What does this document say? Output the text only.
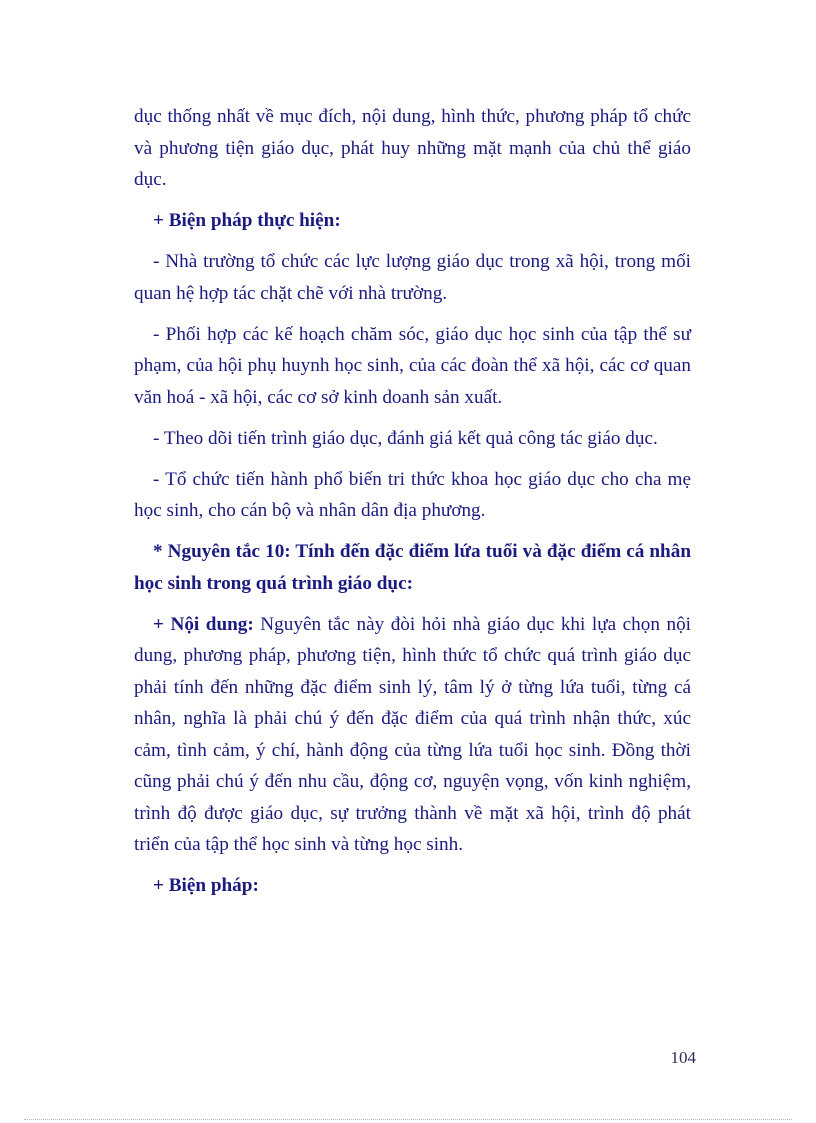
dục thống nhất về mục đích, nội dung, hình thức, phương pháp tổ chức và phương tiện giáo dục, phát huy những mặt mạnh của chủ thể giáo dục.

+ Biện pháp thực hiện:

- Nhà trường tổ chức các lực lượng giáo dục trong xã hội, trong mối quan hệ hợp tác chặt chẽ với nhà trường.

- Phối hợp các kế hoạch chăm sóc, giáo dục học sinh của tập thể sư phạm, của hội phụ huynh học sinh, của các đoàn thể xã hội, các cơ quan văn hoá - xã hội, các cơ sở kinh doanh sản xuất.

- Theo dõi tiến trình giáo dục, đánh giá kết quả công tác giáo dục.

- Tổ chức tiến hành phổ biến tri thức khoa học giáo dục cho cha mẹ học sinh, cho cán bộ và nhân dân địa phương.

* Nguyên tắc 10: Tính đến đặc điểm lứa tuổi và đặc điểm cá nhân học sinh trong quá trình giáo dục:

+ Nội dung: Nguyên tắc này đòi hỏi nhà giáo dục khi lựa chọn nội dung, phương pháp, phương tiện, hình thức tổ chức quá trình giáo dục phải tính đến những đặc điểm sinh lý, tâm lý ở từng lứa tuổi, từng cá nhân, nghĩa là phải chú ý đến đặc điểm của quá trình nhận thức, xúc cảm, tình cảm, ý chí, hành động của từng lứa tuổi học sinh. Đồng thời cũng phải chú ý đến nhu cầu, động cơ, nguyện vọng, vốn kinh nghiệm, trình độ được giáo dục, sự trưởng thành về mặt xã hội, trình độ phát triển của tập thể học sinh và từng học sinh.

+ Biện pháp:

104
